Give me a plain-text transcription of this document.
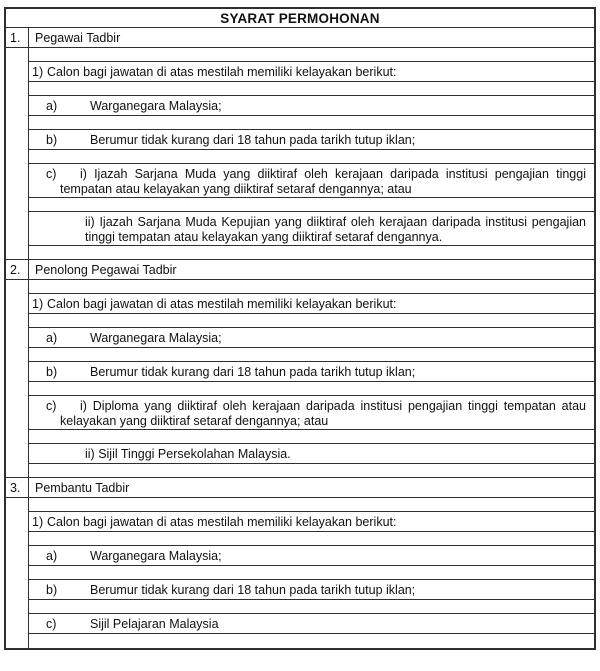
SYARAT PERMOHONAN
1.	Pegawai Tadbir
1) Calon bagi jawatan di atas mestilah memiliki kelayakan berikut:
a)	Warganegara Malaysia;
b)	Berumur tidak kurang dari 18 tahun pada tarikh tutup iklan;
c)	i) Ijazah Sarjana Muda yang diiktiraf oleh kerajaan daripada institusi pengajian tinggi tempatan atau kelayakan yang diiktiraf setaraf dengannya; atau
ii) Ijazah Sarjana Muda Kepujian yang diiktiraf oleh kerajaan daripada institusi pengajian tinggi tempatan atau kelayakan yang diiktiraf setaraf dengannya.
2.	Penolong Pegawai Tadbir
1) Calon bagi jawatan di atas mestilah memiliki kelayakan berikut:
a)	Warganegara Malaysia;
b)	Berumur tidak kurang dari 18 tahun pada tarikh tutup iklan;
c)	i) Diploma yang diiktiraf oleh kerajaan daripada institusi pengajian tinggi tempatan atau kelayakan yang diiktiraf setaraf dengannya; atau
ii) Sijil Tinggi Persekolahan Malaysia.
3.	Pembantu Tadbir
1) Calon bagi jawatan di atas mestilah memiliki kelayakan berikut:
a)	Warganegara Malaysia;
b)	Berumur tidak kurang dari 18 tahun pada tarikh tutup iklan;
c)	Sijil Pelajaran Malaysia
